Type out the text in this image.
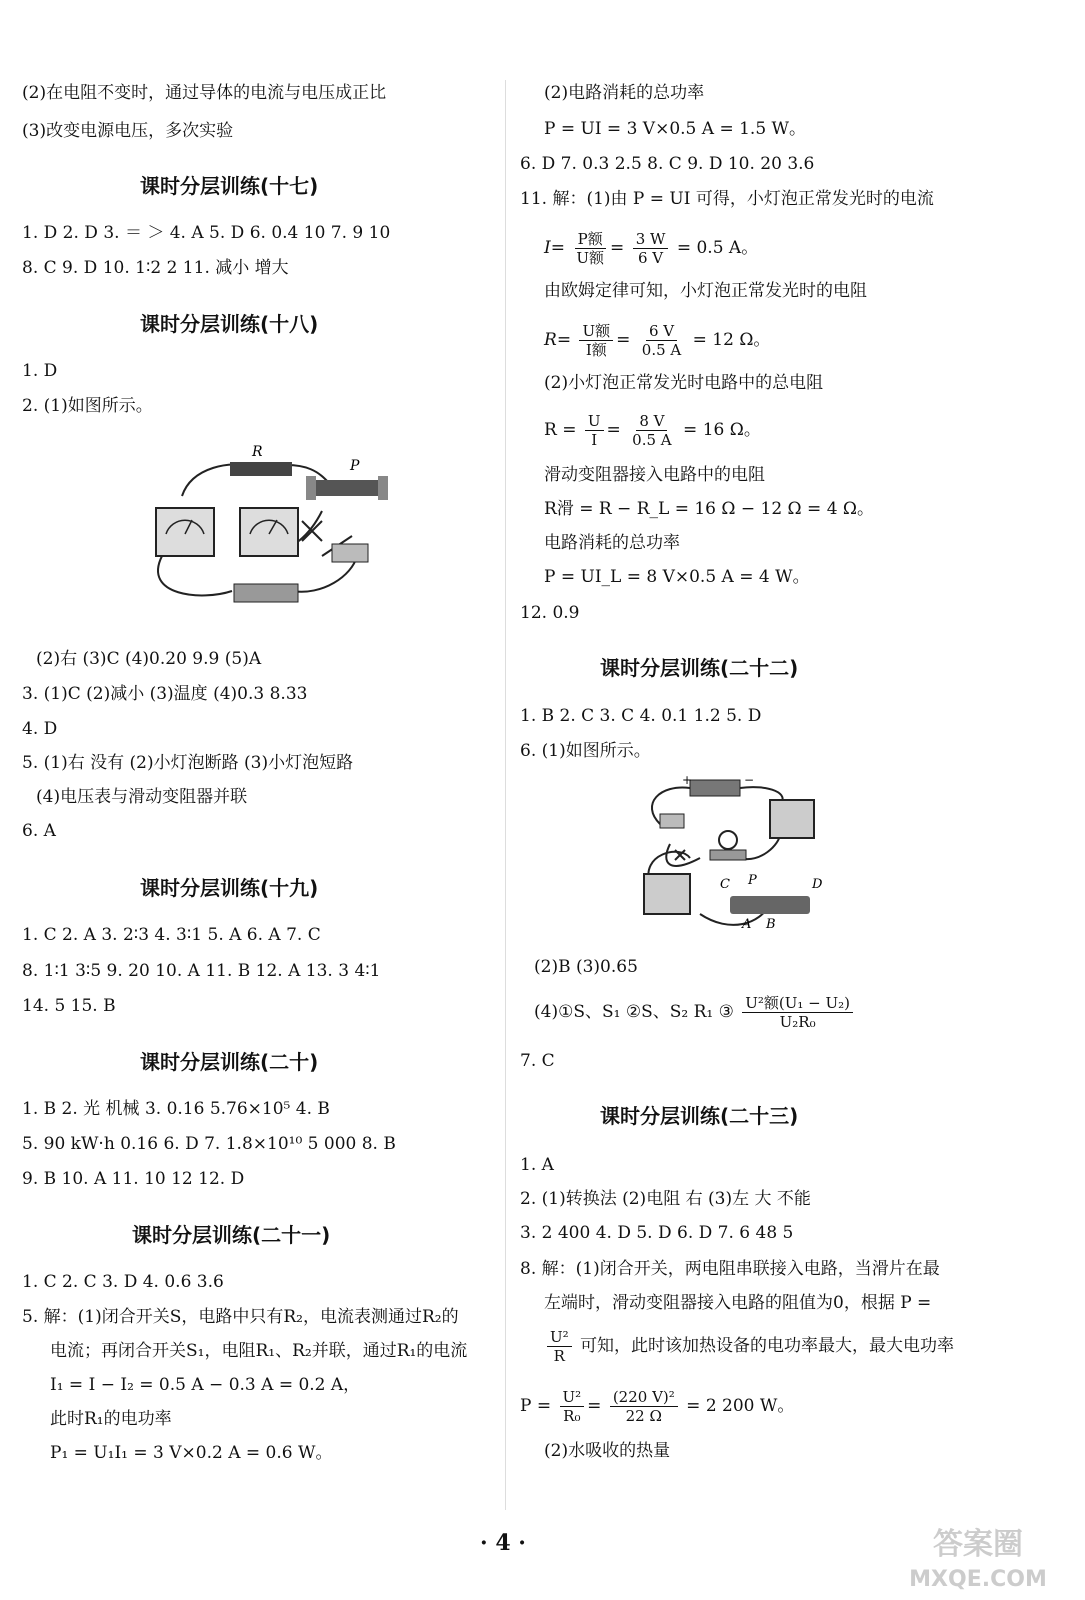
(2)在电阻不变时，通过导体的电流与电压成正比
(3)改变电源电压，多次实验
课时分层训练(十七)
1. D 2. D 3. ＝ ＞ 4. A 5. D 6. 0.4 10 7. 9 10
8. C 9. D 10. 1∶2 2 11. 减小 增大
课时分层训练(十八)
1. D
2. (1)如图所示。
R
P
(2)右 (3)C (4)0.20 9.9 (5)A
3. (1)C (2)减小 (3)温度 (4)0.3 8.33
4. D
5. (1)右 没有 (2)小灯泡断路 (3)小灯泡短路
(4)电压表与滑动变阻器并联
6. A
课时分层训练(十九)
1. C 2. A 3. 2∶3 4. 3∶1 5. A 6. A 7. C
8. 1∶1 3∶5 9. 20 10. A 11. B 12. A 13. 3 4∶1
14. 5 15. B
课时分层训练(二十)
1. B 2. 光 机械 3. 0.16 5.76×10⁵ 4. B
5. 90 kW·h 0.16 6. D 7. 1.8×10¹⁰ 5 000 8. B
9. B 10. A 11. 10 12 12. D
课时分层训练(二十一)
1. C 2. C 3. D 4. 0.6 3.6
5. 解：(1)闭合开关S，电路中只有R₂，电流表测通过R₂的
电流；再闭合开关S₁，电阻R₁、R₂并联，通过R₁的电流
I₁ = I − I₂ = 0.5 A − 0.3 A = 0.2 A，
此时R₁的电功率
P₁ = U₁I₁ = 3 V×0.2 A = 0.6 W。
(2)电路消耗的总功率
P = UI = 3 V×0.5 A = 1.5 W。
6. D 7. 0.3 2.5 8. C 9. D 10. 20 3.6
11. 解：(1)由 P = UI 可得，小灯泡正常发光时的电流
$I= \frac{\text{P额}}{\text{U额}} = \frac{3 W}{6 V} = 0.5$ A。
由欧姆定律可知，小灯泡正常发光时的电阻
$R= \frac{\text{U额}}{\text{I额}} = \frac{6 V}{0.5 A} = 12$ Ω。
(2)小灯泡正常发光时电路中的总电阻
$R = \frac{U}{I} = \frac{8 V}{0.5 A} = 16$ Ω。
滑动变阻器接入电路中的电阻
R滑 = R − R_L = 16 Ω − 12 Ω = 4 Ω。
电路消耗的总功率
P = UI_L = 8 V×0.5 A = 4 W。
12. 0.9
课时分层训练(二十二)
1. B 2. C 3. C 4. 0.1 1.2 5. D
6. (1)如图所示。
+	−
C P	D
A B
(2)B (3)0.65
(4)①S、S₁ ②S、S₂ R₁ ③ $\frac{\text{U²额(U₁ − U₂)}}{\text{U₂R₀}}$
7. C
课时分层训练(二十三)
1. A
2. (1)转换法 (2)电阻 右 (3)左 大 不能
3. 2 400 4. D 5. D 6. D 7. 6 48 5
8. 解：(1)闭合开关，两电阻串联接入电路，当滑片在最
左端时，滑动变阻器接入电路的阻值为0，根据 P =
$\frac{\text{U²}}{R}$ 可知，此时该加热设备的电功率最大，最大电功率
$P = \frac{\text{U²}}{\text{R₀}} = \frac{\text{(220 V)²}}{22 \Omega} = 2$ 200 W。
(2)水吸收的热量
· 4 ·	答案圈
MXQE.COM
